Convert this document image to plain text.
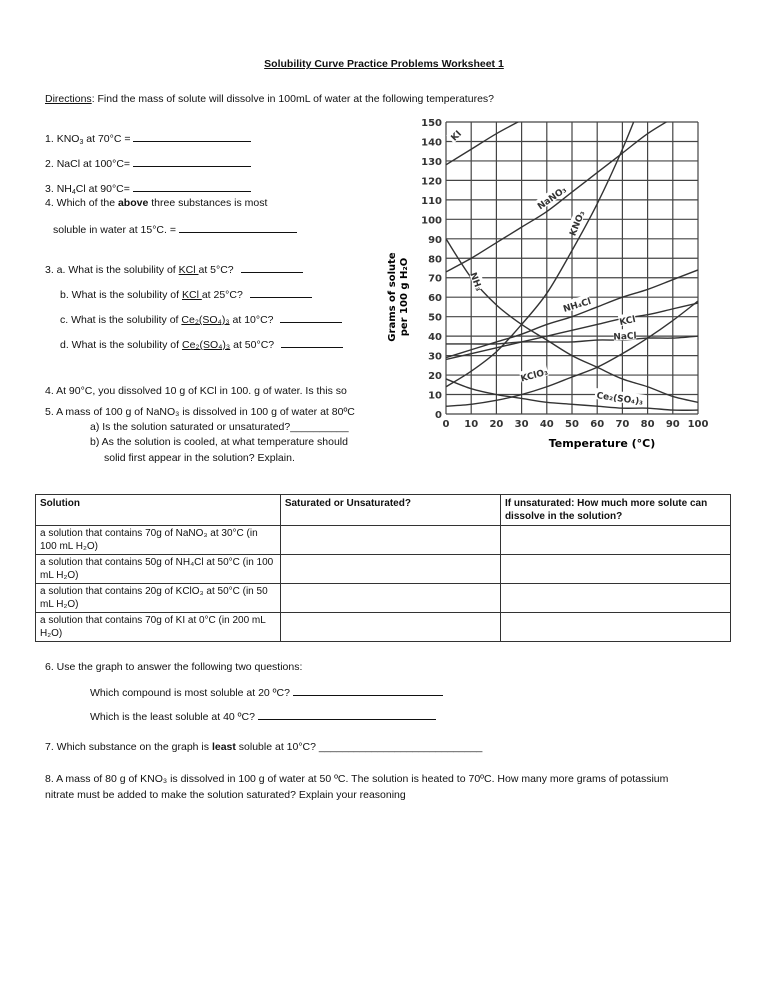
Solubility Curve Practice Problems Worksheet 1
Directions: Find the mass of solute will dissolve in 100mL of water at the following temperatures?
1. $KNO_3$ at 70°C =
2. NaCl at 100°C=
3. $NH_4Cl$ at 90°C=
4. Which of the above three substances is most
soluble in water at 15°C. =
3. a. What is the solubility of KCl at 5°C?
b. What is the solubility of KCl at 25°C?
c. What is the solubility of Ce₂(SO₄)₃ at 10°C?
d. What is the solubility of Ce₂(SO₄)₃ at 50°C?
4. At 90°C, you dissolved 10 g of KCl in 100. g of water. Is this so
5. A mass of 100 g of NaNO₃ is dissolved in 100 g of water at 80ºC
a) Is the solution saturated or unsaturated?__________
b) As the solution is cooled, at what temperature should
solid first appear in the solution? Explain.
KI
NaNO₃
KNO₃
NH₃
NH₄Cl
KCl
NaCl
KClO₃
Ce₂(SO₄)₃
0 10 20 30 40 50 60 70 80 90 100
0
10
20
30
40
50
60
70
80
90
100
110
120
130
140
150
Temperature (°C)
Grams of solute per 100 g H₂O
Solution	Saturated or Unsaturated?	If unsaturated: How much more solute can dissolve in the solution?
a solution that contains 70g of NaNO₃ at 30°C (in 100 mL H₂O)		
a solution that contains 50g of NH₄Cl at 50°C (in 100 mL H₂O)		
a solution that contains 20g of KClO₃ at 50°C (in 50 mL H₂O)		
a solution that contains 70g of KI at 0°C (in 200 mL H₂O)		
6. Use the graph to answer the following two questions:
Which compound is most soluble at 20 ºC?
Which is the least soluble at 40 ºC?
7. Which substance on the graph is least soluble at 10°C? ____________________________
8. A mass of 80 g of KNO₃ is dissolved in 100 g of water at 50 ºC. The solution is heated to 70ºC. How many more grams of potassium
nitrate must be added to make the solution saturated? Explain your reasoning
